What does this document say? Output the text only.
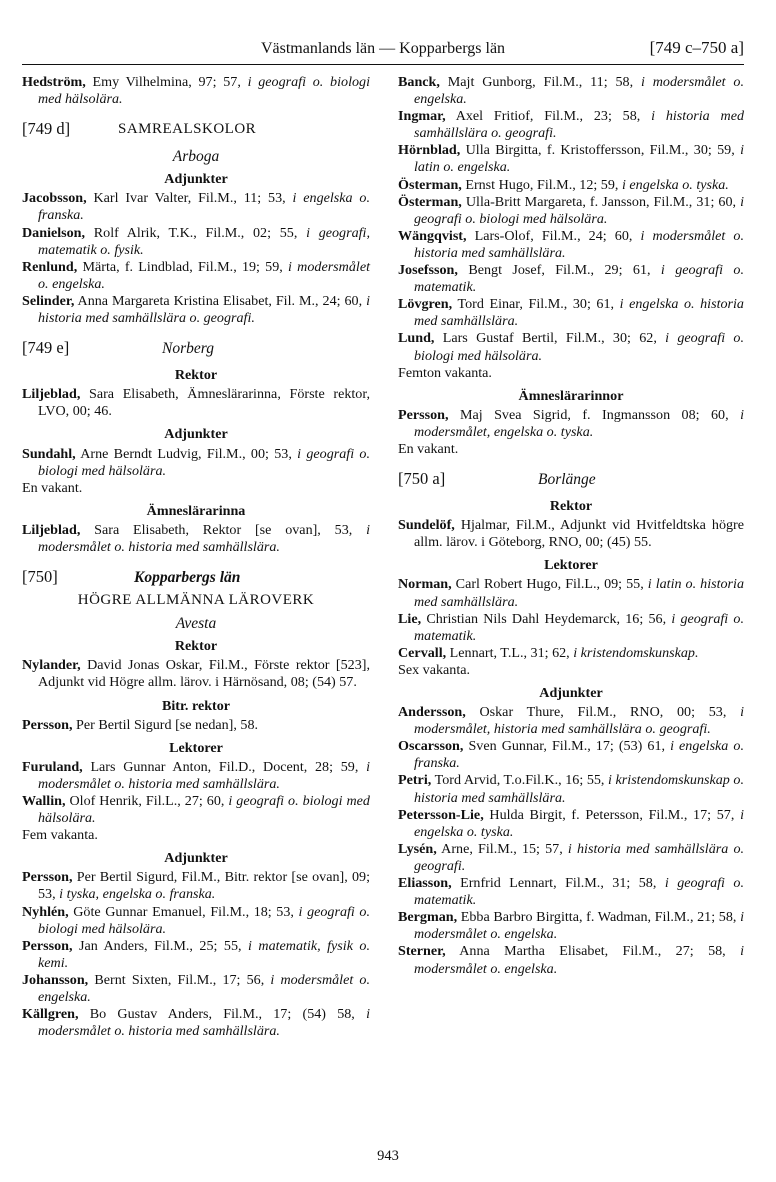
Västmanlands län — Kopparbergs län	[749 c–750 a]

Hedström, Emy Vilhelmina, 97; 57, i geografi o. biologi med hälsolära.

[749 d]	SAMREALSKOLOR
Arboga
Adjunkter

Jacobsson, Karl Ivar Valter, Fil.M., 11; 53, i engelska o. franska.

Danielson, Rolf Alrik, T.K., Fil.M., 02; 55, i geografi, matematik o. fysik.

Renlund, Märta, f. Lindblad, Fil.M., 19; 59, i modersmålet o. engelska.

Selinder, Anna Margareta Kristina Elisabet, Fil. M., 24; 60, i historia med samhällslära o. geografi.

[749 e]	Norberg
Rektor

Liljeblad, Sara Elisabeth, Ämneslärarinna, Förste rektor, LVO, 00; 46.

Adjunkter

Sundahl, Arne Berndt Ludvig, Fil.M., 00; 53, i geografi o. biologi med hälsolära.

En vakant.

Ämneslärarinna

Liljeblad, Sara Elisabeth, Rektor [se ovan], 53, i modersmålet o. historia med samhällslära.

[750]	Kopparbergs län
HÖGRE ALLMÄNNA LÄROVERK
Avesta
Rektor

Nylander, David Jonas Oskar, Fil.M., Förste rektor [523], Adjunkt vid Högre allm. lärov. i Härnösand, 08; (54) 57.

Bitr. rektor

Persson, Per Bertil Sigurd [se nedan], 58.

Lektorer

Furuland, Lars Gunnar Anton, Fil.D., Docent, 28; 59, i modersmålet o. historia med samhällslära.

Wallin, Olof Henrik, Fil.L., 27; 60, i geografi o. biologi med hälsolära.

Fem vakanta.

Adjunkter

Persson, Per Bertil Sigurd, Fil.M., Bitr. rektor [se ovan], 09; 53, i tyska, engelska o. franska.

Nyhlén, Göte Gunnar Emanuel, Fil.M., 18; 53, i geografi o. biologi med hälsolära.

Persson, Jan Anders, Fil.M., 25; 55, i matematik, fysik o. kemi.

Johansson, Bernt Sixten, Fil.M., 17; 56, i modersmålet o. engelska.

Källgren, Bo Gustav Anders, Fil.M., 17; (54) 58, i modersmålet o. historia med samhällslära.

Banck, Majt Gunborg, Fil.M., 11; 58, i modersmålet o. engelska.

Ingmar, Axel Fritiof, Fil.M., 23; 58, i historia med samhällslära o. geografi.

Hörnblad, Ulla Birgitta, f. Kristoffersson, Fil.M., 30; 59, i latin o. engelska.

Österman, Ernst Hugo, Fil.M., 12; 59, i engelska o. tyska.

Österman, Ulla-Britt Margareta, f. Jansson, Fil.M., 31; 60, i geografi o. biologi med hälsolära.

Wängqvist, Lars-Olof, Fil.M., 24; 60, i modersmålet o. historia med samhällslära.

Josefsson, Bengt Josef, Fil.M., 29; 61, i geografi o. matematik.

Lövgren, Tord Einar, Fil.M., 30; 61, i engelska o. historia med samhällslära.

Lund, Lars Gustaf Bertil, Fil.M., 30; 62, i geografi o. biologi med hälsolära.

Femton vakanta.

Ämneslärarinnor

Persson, Maj Svea Sigrid, f. Ingmansson 08; 60, i modersmålet, engelska o. tyska.

En vakant.

[750 a]	Borlänge
Rektor

Sundelöf, Hjalmar, Fil.M., Adjunkt vid Hvitfeldtska högre allm. lärov. i Göteborg, RNO, 00; (45) 55.

Lektorer

Norman, Carl Robert Hugo, Fil.L., 09; 55, i latin o. historia med samhällslära.

Lie, Christian Nils Dahl Heydemarck, 16; 56, i geografi o. matematik.

Cervall, Lennart, T.L., 31; 62, i kristendomskunskap.

Sex vakanta.

Adjunkter

Andersson, Oskar Thure, Fil.M., RNO, 00; 53, i modersmålet, historia med samhällslära o. geografi.

Oscarsson, Sven Gunnar, Fil.M., 17; (53) 61, i engelska o. franska.

Petri, Tord Arvid, T.o.Fil.K., 16; 55, i kristendomskunskap o. historia med samhällslära.

Petersson-Lie, Hulda Birgit, f. Petersson, Fil.M., 17; 57, i engelska o. tyska.

Lysén, Arne, Fil.M., 15; 57, i historia med samhällslära o. geografi.

Eliasson, Ernfrid Lennart, Fil.M., 31; 58, i geografi o. matematik.

Bergman, Ebba Barbro Birgitta, f. Wadman, Fil.M., 21; 58, i modersmålet o. engelska.

Sterner, Anna Martha Elisabet, Fil.M., 27; 58, i modersmålet o. engelska.

943
